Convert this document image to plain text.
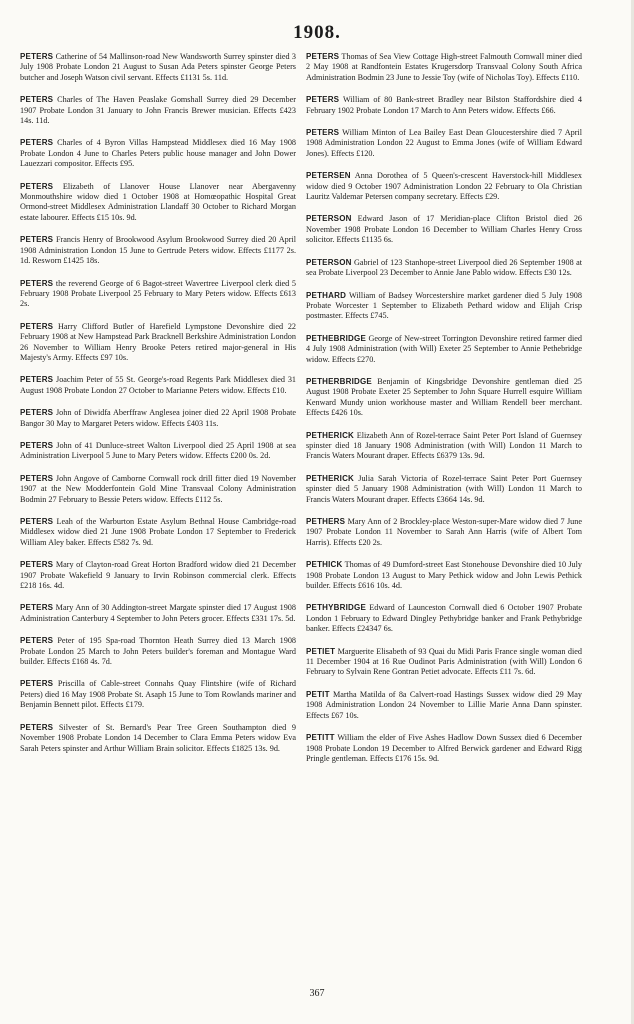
1908.

PETERS Catherine of 54 Mallinson-road New Wandsworth Surrey spinster died 3 July 1908 Probate London 21 August to Susan Ada Peters spinster George Peters butcher and Joseph Watson civil servant. Effects £1131 5s. 11d.

PETERS Charles of The Haven Peaslake Gomshall Surrey died 29 December 1907 Probate London 31 January to John Francis Brewer musician. Effects £423 14s. 11d.

PETERS Charles of 4 Byron Villas Hampstead Middlesex died 16 May 1908 Probate London 4 June to Charles Peters public house manager and John Dower Lauezzari compositor. Effects £95.

PETERS Elizabeth of Llanover House Llanover near Abergavenny Monmouthshire widow died 1 October 1908 at Homœopathic Hospital Great Ormond-street Middlesex Administration Llandaff 30 October to Richard Morgan estate labourer. Effects £15 10s. 9d.

PETERS Francis Henry of Brookwood Asylum Brookwood Surrey died 20 April 1908 Administration London 15 June to Gertrude Peters widow. Effects £1177 2s. 1d. Resworn £1425 18s.

PETERS the reverend George of 6 Bagot-street Wavertree Liverpool clerk died 5 February 1908 Probate Liverpool 25 February to Mary Peters widow. Effects £613 2s.

PETERS Harry Clifford Butler of Harefield Lympstone Devonshire died 22 February 1908 at New Hampstead Park Bracknell Berkshire Administration London 26 November to William Henry Brooke Peters retired major-general in His Majesty's Army. Effects £97 10s.

PETERS Joachim Peter of 55 St. George's-road Regents Park Middlesex died 31 August 1908 Probate London 27 October to Marianne Peters widow. Effects £10.

PETERS John of Diwidfa Aberffraw Anglesea joiner died 22 April 1908 Probate Bangor 30 May to Margaret Peters widow. Effects £403 11s.

PETERS John of 41 Dunluce-street Walton Liverpool died 25 April 1908 at sea Administration Liverpool 5 June to Mary Peters widow. Effects £200 0s. 2d.

PETERS John Angove of Camborne Cornwall rock drill fitter died 19 November 1907 at the New Modderfontein Gold Mine Transvaal Colony Administration Bodmin 27 February to Bessie Peters widow. Effects £112 5s.

PETERS Leah of the Warburton Estate Asylum Bethnal House Cambridge-road Middlesex widow died 21 June 1908 Probate London 17 September to Frederick William Aley baker. Effects £582 7s. 9d.

PETERS Mary of Clayton-road Great Horton Bradford widow died 21 December 1907 Probate Wakefield 9 January to Irvin Robinson commercial clerk. Effects £218 16s. 4d.

PETERS Mary Ann of 30 Addington-street Margate spinster died 17 August 1908 Administration Canterbury 4 September to John Peters grocer. Effects £331 17s. 5d.

PETERS Peter of 195 Spa-road Thornton Heath Surrey died 13 March 1908 Probate London 25 March to John Peters builder's foreman and Montague Ward builder. Effects £168 4s. 7d.

PETERS Priscilla of Cable-street Connahs Quay Flintshire (wife of Richard Peters) died 16 May 1908 Probate St. Asaph 15 June to Tom Rowlands mariner and Benjamin Bennett pilot. Effects £179.

PETERS Silvester of St. Bernard's Pear Tree Green Southampton died 9 November 1908 Probate London 14 December to Clara Emma Peters widow Eva Sarah Peters spinster and Arthur William Brain solicitor. Effects £1825 13s. 9d.

PETERS Thomas of Sea View Cottage High-street Falmouth Cornwall miner died 2 May 1908 at Randfontein Estates Krugersdorp Transvaal Colony South Africa Administration Bodmin 23 June to Jessie Toy (wife of Nicholas Toy). Effects £110.

PETERS William of 80 Bank-street Bradley near Bilston Staffordshire died 4 February 1902 Probate London 17 March to Ann Peters widow. Effects £66.

PETERS William Minton of Lea Bailey East Dean Gloucestershire died 7 April 1908 Administration London 22 August to Emma Jones (wife of William Edward Jones). Effects £120.

PETERSEN Anna Dorothea of 5 Queen's-crescent Haverstock-hill Middlesex widow died 9 October 1907 Administration London 22 February to Ola Christian Lauritz Valdemar Petersen company secretary. Effects £29.

PETERSON Edward Jason of 17 Meridian-place Clifton Bristol died 26 November 1908 Probate London 16 December to William Charles Henry Cross solicitor. Effects £1135 6s.

PETERSON Gabriel of 123 Stanhope-street Liverpool died 26 September 1908 at sea Probate Liverpool 23 December to Annie Jane Pablo widow. Effects £30 12s.

PETHARD William of Badsey Worcestershire market gardener died 5 July 1908 Probate Worcester 1 September to Elizabeth Pethard widow and Elijah Crisp postmaster. Effects £745.

PETHEBRIDGE George of New-street Torrington Devonshire retired farmer died 4 July 1908 Administration (with Will) Exeter 25 September to Annie Pethebridge widow. Effects £270.

PETHERBRIDGE Benjamin of Kingsbridge Devonshire gentleman died 25 August 1908 Probate Exeter 25 September to John Square Hurrell esquire William Kenward Mundy union workhouse master and William Rendell beer merchant. Effects £426 10s.

PETHERICK Elizabeth Ann of Rozel-terrace Saint Peter Port Island of Guernsey spinster died 18 January 1908 Administration (with Will) London 11 March to Francis Waters Mourant draper. Effects £6379 13s. 9d.

PETHERICK Julia Sarah Victoria of Rozel-terrace Saint Peter Port Guernsey spinster died 5 January 1908 Administration (with Will) London 11 March to Francis Waters Mourant draper. Effects £3664 14s. 9d.

PETHERS Mary Ann of 2 Brockley-place Weston-super-Mare widow died 7 June 1907 Probate London 11 November to Sarah Ann Harris (wife of Albert Tom Harris). Effects £20 2s.

PETHICK Thomas of 49 Dumford-street East Stonehouse Devonshire died 10 July 1908 Probate London 13 August to Mary Pethick widow and John Lewis Pethick builder. Effects £616 10s. 4d.

PETHYBRIDGE Edward of Launceston Cornwall died 6 October 1907 Probate London 1 February to Edward Dingley Pethybridge banker and Frank Pethybridge banker. Effects £24347 6s.

PETIET Marguerite Elisabeth of 93 Quai du Midi Paris France single woman died 11 December 1904 at 16 Rue Oudinot Paris Administration (with Will) London 6 February to Sylvain Rene Gontran Petiet advocate. Effects £11 7s. 6d.

PETIT Martha Matilda of 8a Calvert-road Hastings Sussex widow died 29 May 1908 Administration London 24 November to Lillie Marie Anna Dann spinster. Effects £67 10s.

PETITT William the elder of Five Ashes Hadlow Down Sussex died 6 December 1908 Probate London 19 December to Alfred Berwick gardener and Edward Rigg Pringle gentleman. Effects £176 15s. 9d.

367
